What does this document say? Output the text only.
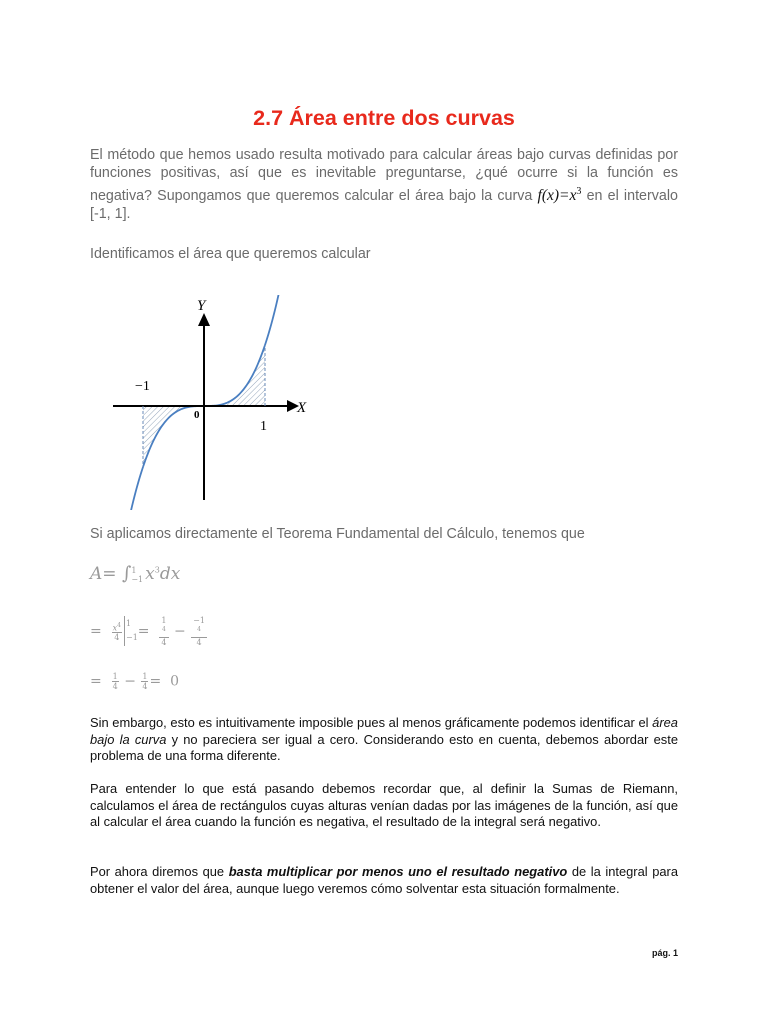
2.7 Área entre dos curvas

El método que hemos usado resulta motivado para calcular áreas bajo curvas definidas por funciones positivas, así que es inevitable preguntarse, ¿qué ocurre si la función es negativa? Supongamos que queremos calcular el área bajo la curva $f(x)=x^3$ en el intervalo [-1, 1].

Identificamos el área que queremos calcular

Y
X
0
−1
1

Si aplicamos directamente el Teorema Fundamental del Cálculo, tenemos que

A= ∫ 1
−1 $x^3dx$
= $\frac{x^4}{4} 1$
−1 = 1
$^4$
4 − −1
$^4$
4
= $\frac{1}{4} - \frac{1}{4} = 0$

Sin embargo, esto es intuitivamente imposible pues al menos gráficamente podemos identificar el área bajo la curva y no pareciera ser igual a cero. Considerando esto en cuenta, debemos abordar este problema de una forma diferente.

Para entender lo que está pasando debemos recordar que, al definir la Sumas de Riemann, calculamos el área de rectángulos cuyas alturas venían dadas por las imágenes de la función, así que al calcular el área cuando la función es negativa, el resultado de la integral será negativo.

Por ahora diremos que basta multiplicar por menos uno el resultado negativo de la integral para obtener el valor del área, aunque luego veremos cómo solventar esta situación formalmente.

pág. 1
